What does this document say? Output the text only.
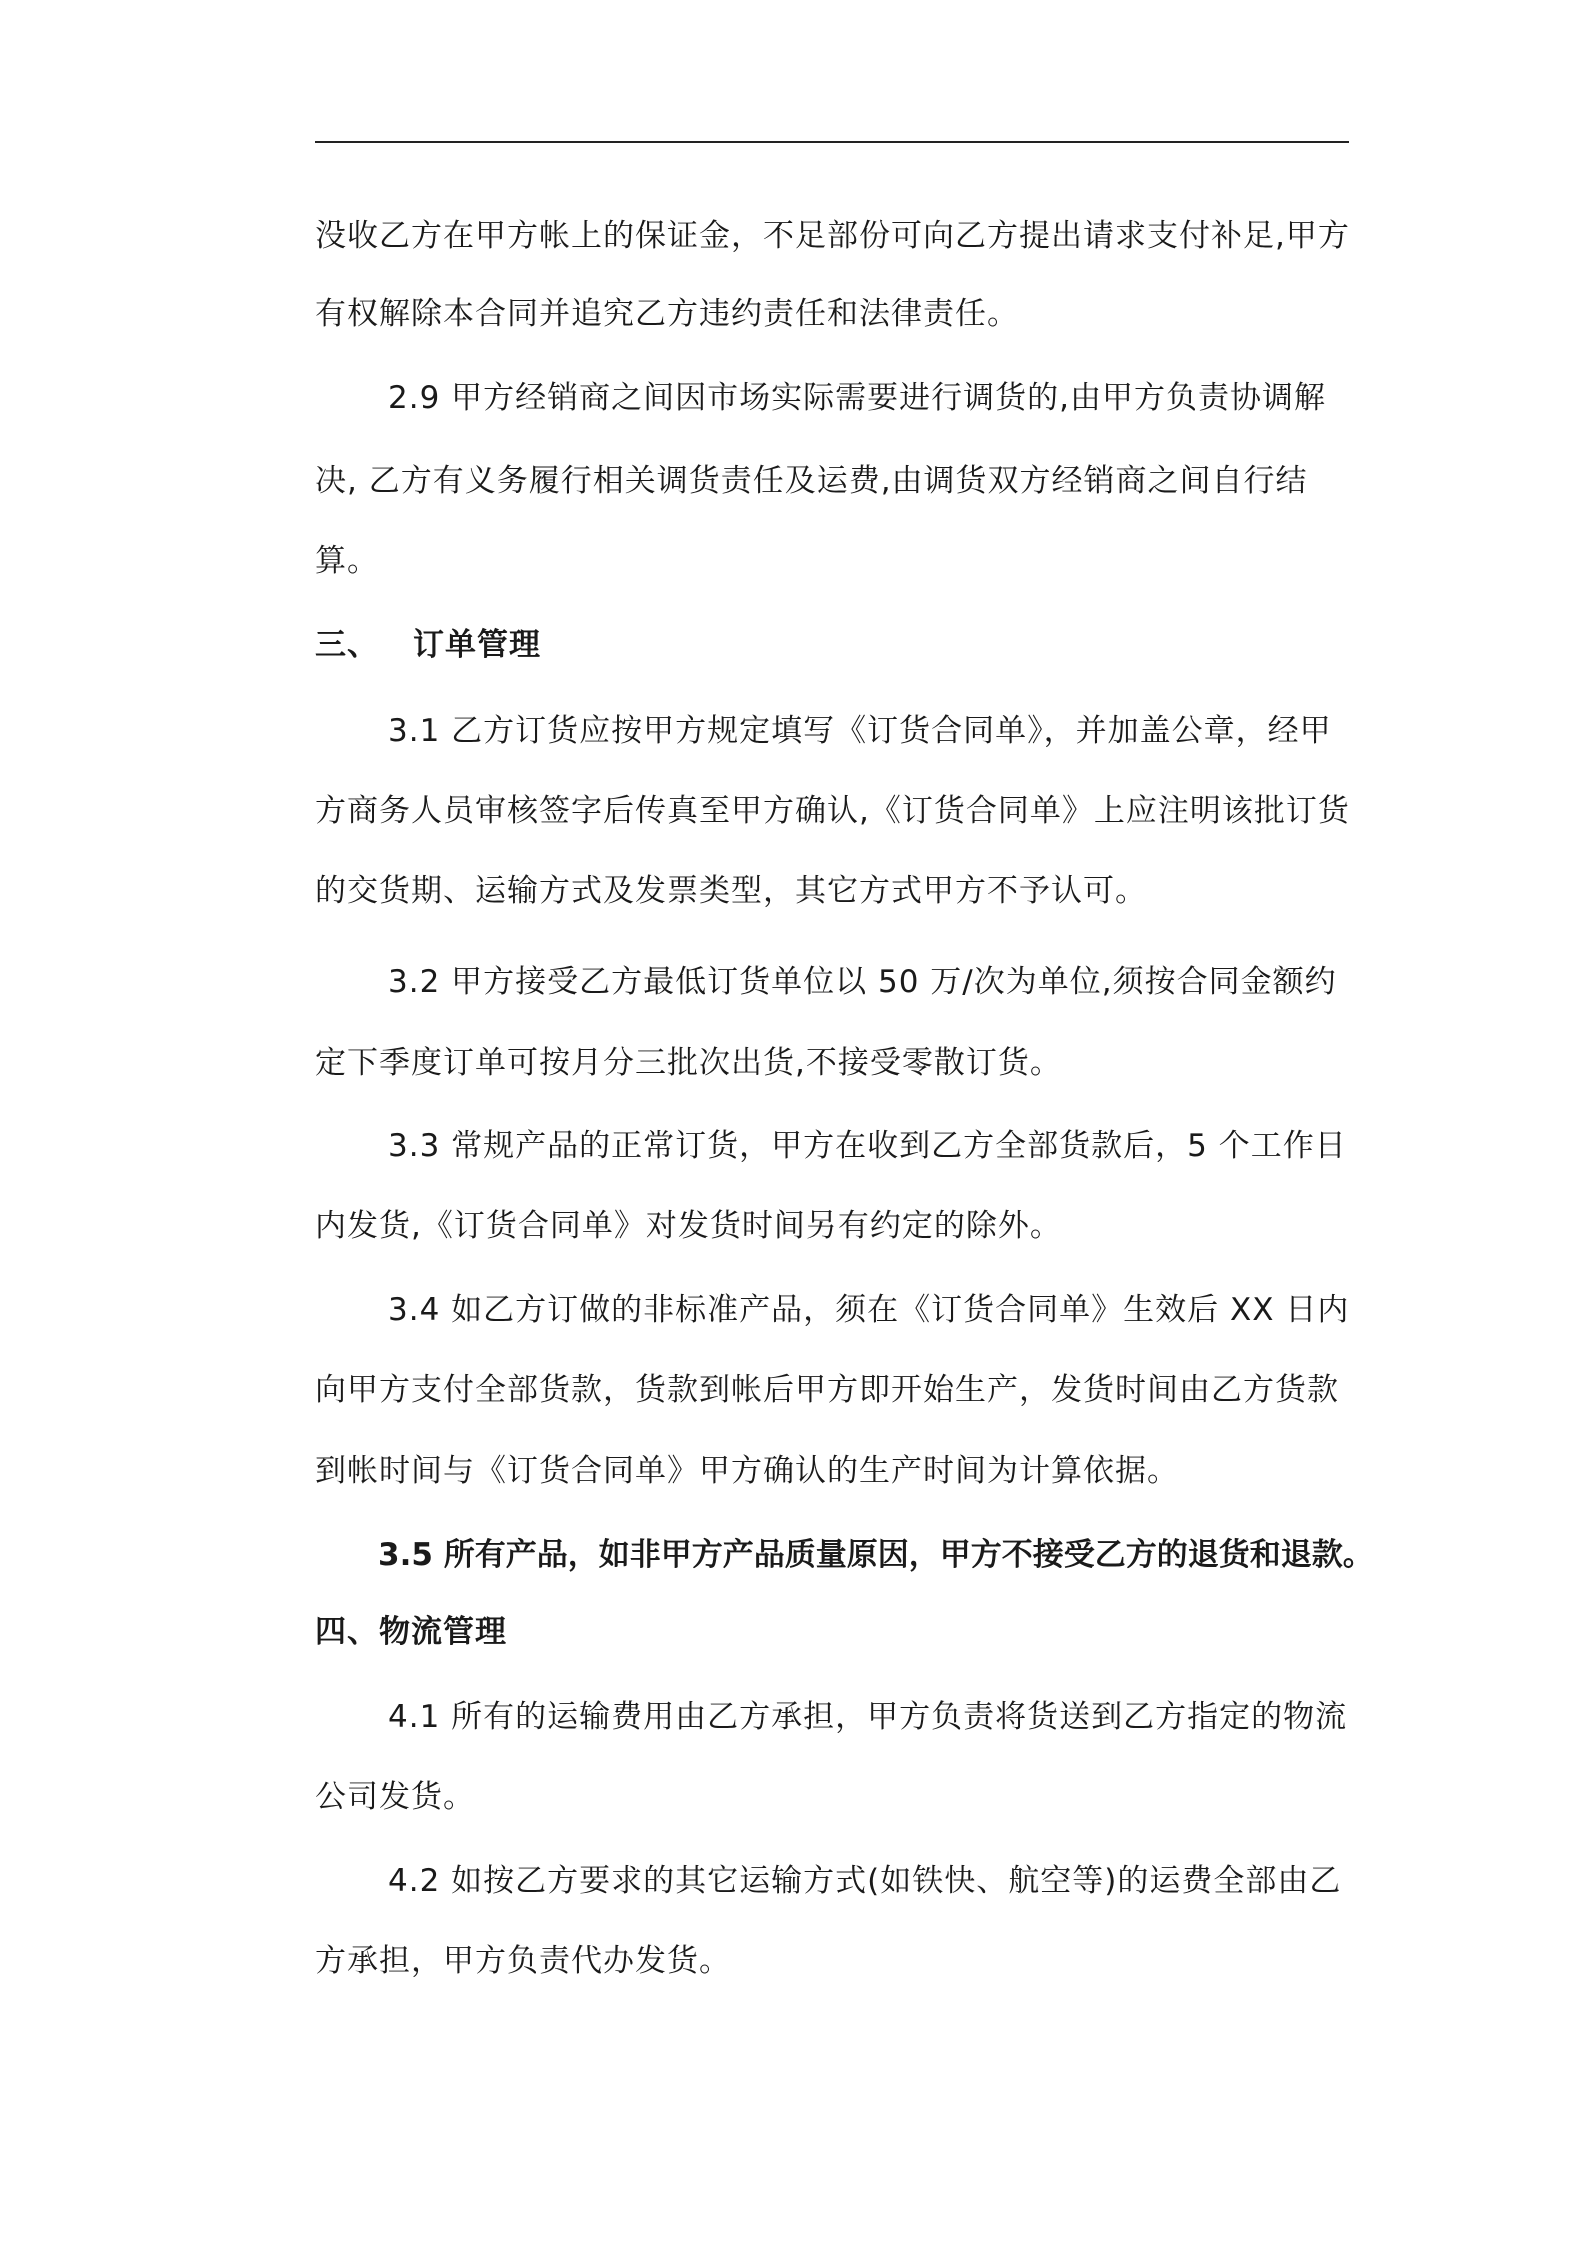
没收乙方在甲方帐上的保证金，不足部份可向乙方提出请求支付补足,甲方
有权解除本合同并追究乙方违约责任和法律责任。
2.9 甲方经销商之间因市场实际需要进行调货的,由甲方负责协调解
决, 乙方有义务履行相关调货责任及运费,由调货双方经销商之间自行结
算。
三、 订单管理
3.1 乙方订货应按甲方规定填写《订货合同单》，并加盖公章，经甲
方商务人员审核签字后传真至甲方确认,《订货合同单》上应注明该批订货
的交货期、运输方式及发票类型，其它方式甲方不予认可。
3.2 甲方接受乙方最低订货单位以 50 万/次为单位,须按合同金额约
定下季度订单可按月分三批次出货,不接受零散订货。
3.3 常规产品的正常订货，甲方在收到乙方全部货款后，5 个工作日
内发货,《订货合同单》对发货时间另有约定的除外。
3.4 如乙方订做的非标准产品，须在《订货合同单》生效后 XX 日内
向甲方支付全部货款，货款到帐后甲方即开始生产，发货时间由乙方货款
到帐时间与《订货合同单》甲方确认的生产时间为计算依据。
3.5 所有产品，如非甲方产品质量原因，甲方不接受乙方的退货和退款。
四、物流管理
4.1 所有的运输费用由乙方承担，甲方负责将货送到乙方指定的物流
公司发货。
4.2 如按乙方要求的其它运输方式(如铁快、航空等)的运费全部由乙
方承担，甲方负责代办发货。
